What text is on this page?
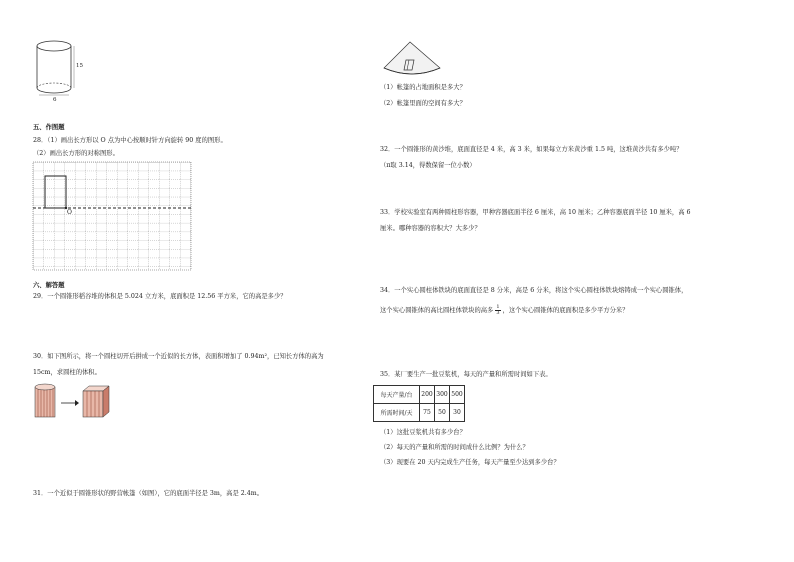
15
6
五、作图题
28．（1）画出长方形以 O 点为中心按顺时针方向旋转 90 度的图形。
（2）画出长方形的对称图形。
O
六、解答题
29．一个圆锥形稻谷堆的体积是 5.024 立方米，底面积是 12.56 平方米，它的高是多少？
30．如下图所示，将一个圆柱切开后拼成一个近似的长方体，表面积增加了 0.94m²，已知长方体的高为
15cm，求圆柱的体积。
31．一个近似于圆锥形状的野营帐篷（如图），它的底面半径是 3m，高是 2.4m。
（1）帐篷的占地面积是多大？
（2）帐篷里面的空间有多大？
32．一个圆锥形的黄沙堆，底面直径是 4 米，高 3 米，如果每立方米黄沙重 1.5 吨，这堆黄沙共有多少吨？
（π取 3.14，得数保留一位小数）
33．学校实验室有两种圆柱形容器，甲种容器底面半径 6 厘米，高 10 厘米；乙种容器底面半径 10 厘米，高 6
厘米。哪种容器的容积大？大多少？
34．一个实心圆柱体铁块的底面直径是 8 分米，高是 6 分米，将这个实心圆柱体铁块熔铸成一个实心圆锥体，
这个实心圆锥体的高比圆柱体铁块的高多 $\frac{1}{3}$ ，这个实心圆锥体的底面积是多少平方分米？
35．某厂要生产一批豆浆机，每天的产量和所需时间如下表。
每天产量/台	200	300	500
所需时间/天	75	50	30
（1）这批豆浆机共有多少台？
（2）每天的产量和所需的时间成什么比例？为什么？
（3）现要在 20 天内完成生产任务，每天产量至少达到多少台？
